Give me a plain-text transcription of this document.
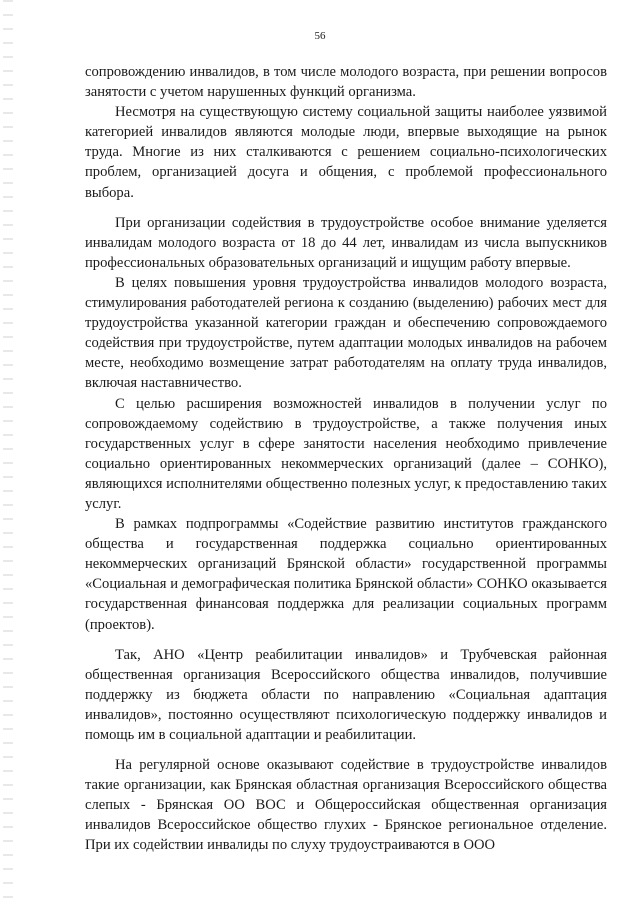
56

сопровождению инвалидов, в том числе молодого возраста, при решении вопросов занятости с учетом нарушенных функций организма.

Несмотря на существующую систему социальной защиты наиболее уязвимой категорией инвалидов являются молодые люди, впервые выходящие на рынок труда. Многие из них сталкиваются с решением социально-психологических проблем, организацией досуга и общения, с проблемой профессионального выбора.

При организации содействия в трудоустройстве особое внимание уделяется инвалидам молодого возраста от 18 до 44 лет, инвалидам из числа выпускников профессиональных образовательных организаций и ищущим работу впервые.

В целях повышения уровня трудоустройства инвалидов молодого возраста, стимулирования работодателей региона к созданию (выделению) рабочих мест для трудоустройства указанной категории граждан и обеспечению сопровождаемого содействия при трудоустройстве, путем адаптации молодых инвалидов на рабочем месте, необходимо возмещение затрат работодателям на оплату труда инвалидов, включая наставничество.

С целью расширения возможностей инвалидов в получении услуг по сопровождаемому содействию в трудоустройстве, а также получения иных государственных услуг в сфере занятости населения необходимо привлечение социально ориентированных некоммерческих организаций (далее – СОНКО), являющихся исполнителями общественно полезных услуг, к предоставлению таких услуг.

В рамках подпрограммы «Содействие развитию институтов гражданского общества и государственная поддержка социально ориентированных некоммерческих организаций Брянской области» государственной программы «Социальная и демографическая политика Брянской области» СОНКО оказывается государственная финансовая поддержка для реализации социальных программ (проектов).

Так, АНО «Центр реабилитации инвалидов» и Трубчевская районная общественная организация Всероссийского общества инвалидов, получившие поддержку из бюджета области по направлению «Социальная адаптация инвалидов», постоянно осуществляют психологическую поддержку инвалидов и помощь им в социальной адаптации и реабилитации.

На регулярной основе оказывают содействие в трудоустройстве инвалидов такие организации, как Брянская областная организация Всероссийского общества слепых - Брянская ОО ВОС и Общероссийская общественная организация инвалидов Всероссийское общество глухих - Брянское региональное отделение. При их содействии инвалиды по слуху трудоустраиваются в ООО
